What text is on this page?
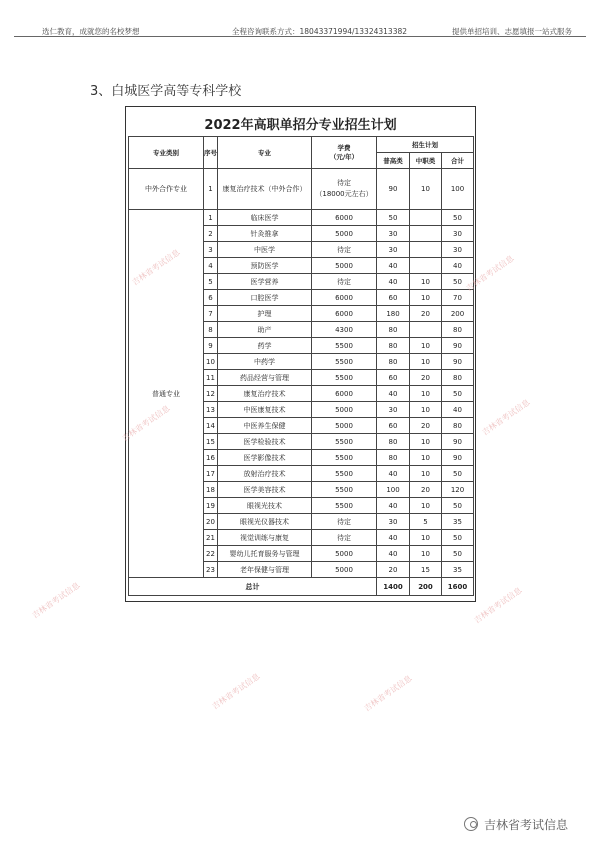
选仁教育，成就您的名校梦想	全程咨询联系方式：18043371994/13324313382	提供单招培训、志愿填报一站式服务
3、白城医学高等专科学校
2022年高职单招分专业招生计划
专业类别	序号	专业	学费
（元/年）	招生计划		
				普高类	中职类	合计
中外合作专业	1	康复治疗技术（中外合作）	待定
（18000元左右）	90	10	100
普通专业	1	临床医学	6000	50		50
	2	针灸推拿	5000	30		30
	3	中医学	待定	30		30
	4	预防医学	5000	40		40
	5	医学营养	待定	40	10	50
	6	口腔医学	6000	60	10	70
	7	护理	6000	180	20	200
	8	助产	4300	80		80
	9	药学	5500	80	10	90
	10	中药学	5500	80	10	90
	11	药品经营与管理	5500	60	20	80
	12	康复治疗技术	6000	40	10	50
	13	中医康复技术	5000	30	10	40
	14	中医养生保健	5000	60	20	80
	15	医学检验技术	5500	80	10	90
	16	医学影像技术	5500	80	10	90
	17	放射治疗技术	5500	40	10	50
	18	医学美容技术	5500	100	20	120
	19	眼视光技术	5500	40	10	50
	20	眼视光仪器技术	待定	30	5	35
	21	视觉训练与康复	待定	40	10	50
	22	婴幼儿托育服务与管理	5000	40	10	50
	23	老年保健与管理	5000	20	15	35
总计				1400	200	1600
吉林省考试信息
吉林省考试信息	吉林省考试信息
吉林省考试信息	吉林省考试信息
吉林省考试信息	吉林省考试信息
吉林省考试信息	吉林省考试信息
